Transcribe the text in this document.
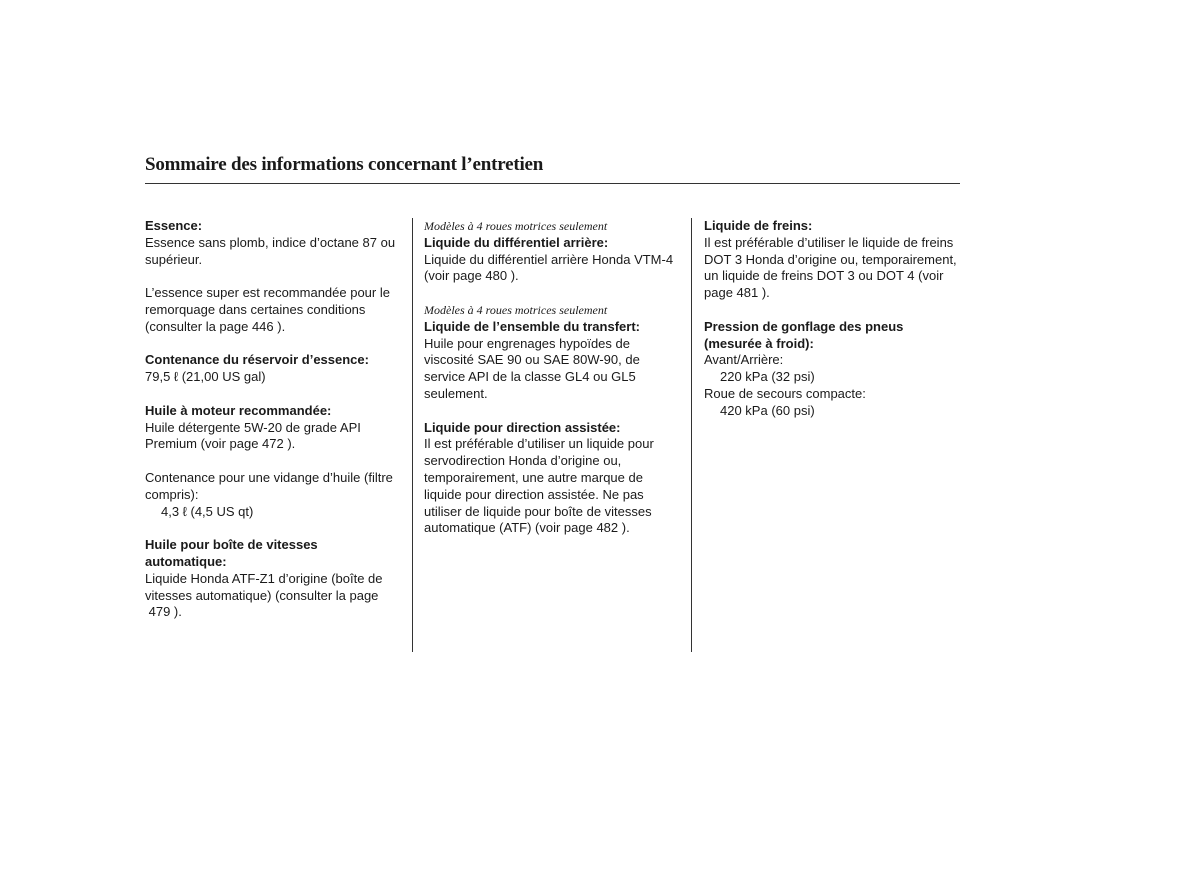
Sommaire des informations concernant l’entretien
Essence:
Essence sans plomb, indice d’octane 87 ou supérieur.
L’essence super est recommandée pour le remorquage dans certaines conditions (consulter la page 446 ).
Contenance du réservoir d’essence:
79,5 ℓ (21,00 US gal)
Huile à moteur recommandée:
Huile détergente 5W-20 de grade API Premium (voir page 472 ).
Contenance pour une vidange d’huile (filtre compris):
4,3 ℓ (4,5 US qt)
Huile pour boîte de vitesses automatique:
Liquide Honda ATF-Z1 d’origine (boîte de vitesses automatique) (consulter la page
479 ).
Modèles à 4 roues motrices seulement
Liquide du différentiel arrière:
Liquide du différentiel arrière Honda VTM-4 (voir page 480 ).
Modèles à 4 roues motrices seulement
Liquide de l’ensemble du transfert:
Huile pour engrenages hypoïdes de viscosité SAE 90 ou SAE 80W-90, de service API de la classe GL4 ou GL5 seulement.
Liquide pour direction assistée:
Il est préférable d’utiliser un liquide pour servodirection Honda d’origine ou, temporairement, une autre marque de liquide pour direction assistée. Ne pas utiliser de liquide pour boîte de vitesses automatique (ATF) (voir page 482 ).
Liquide de freins:
Il est préférable d’utiliser le liquide de freins DOT 3 Honda d’origine ou, temporairement, un liquide de freins DOT 3 ou DOT 4 (voir page 481 ).
Pression de gonflage des pneus (mesurée à froid):
Avant/Arrière:
220 kPa (32 psi)
Roue de secours compacte:
420 kPa (60 psi)
